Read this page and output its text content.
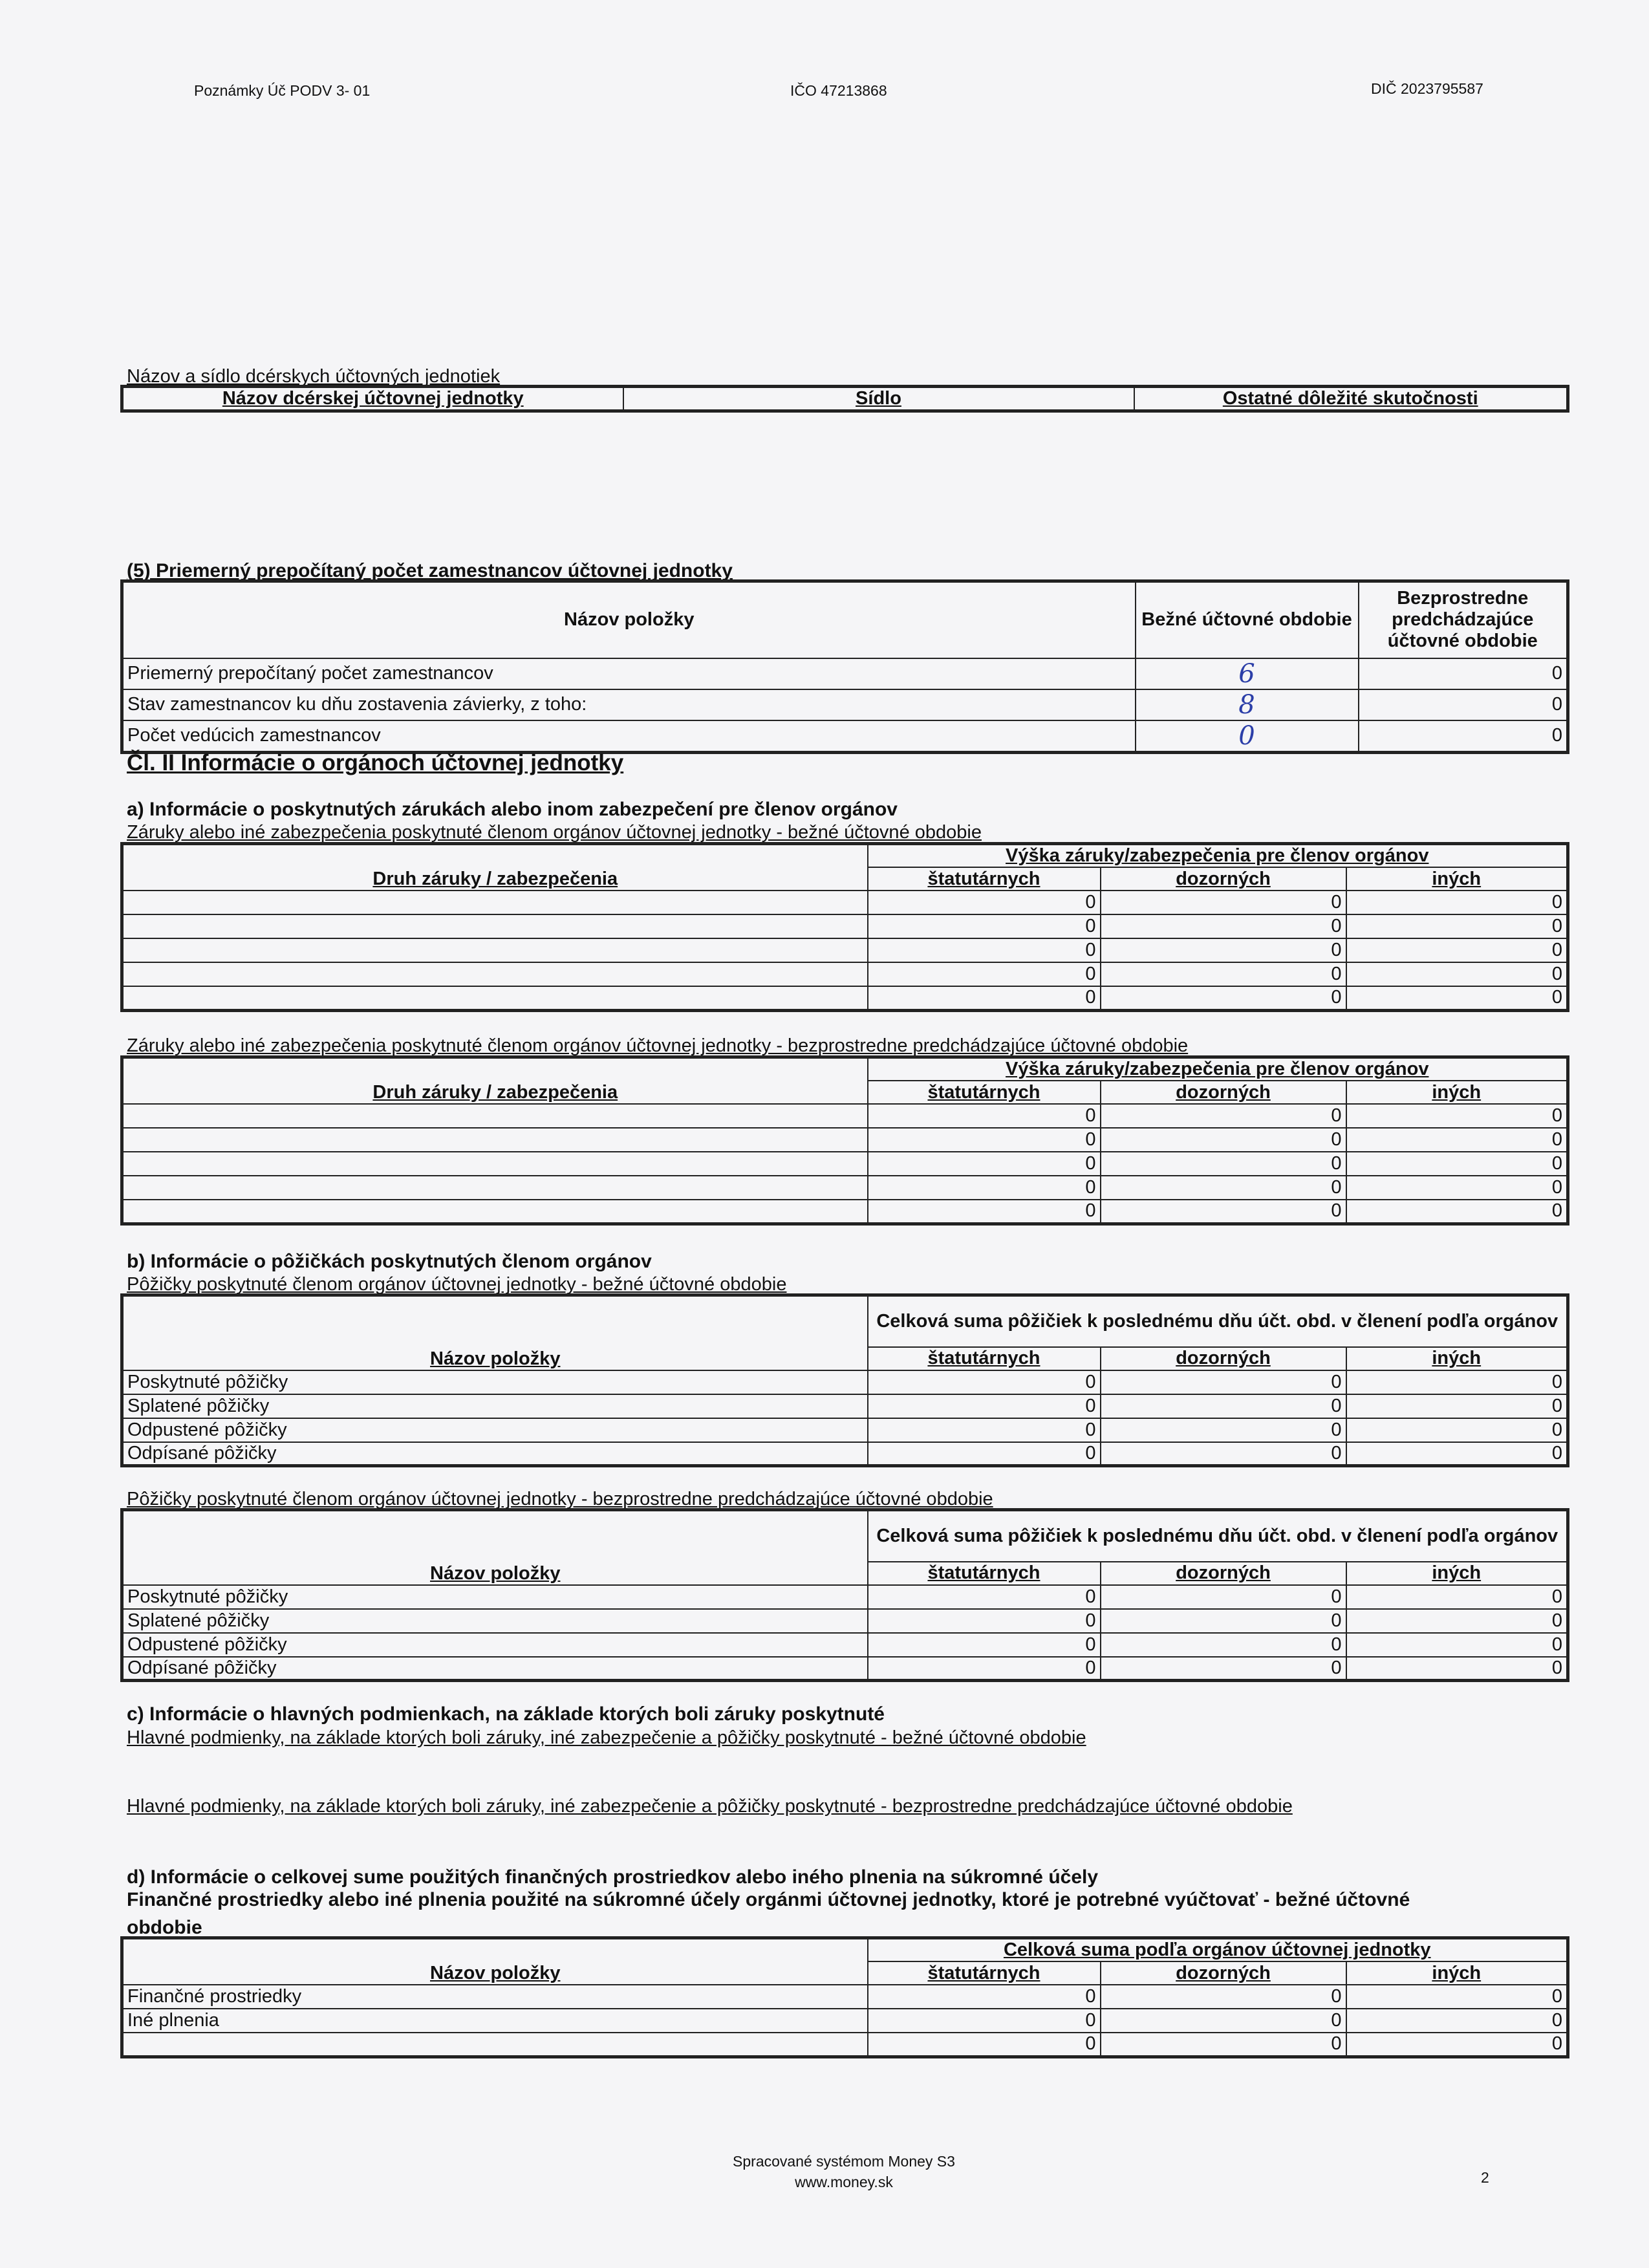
Poznámky Úč PODV 3- 01	IČO 47213868	DIČ 2023795587
Názov a sídlo dcérskych účtovných jednotiek
Názov dcérskej účtovnej jednotky	Sídlo	Ostatné dôležité skutočnosti
(5) Priemerný prepočítaný počet zamestnancov účtovnej jednotky
Názov položky	Bežné účtovné obdobie	Bezprostredne predchádzajúce účtovné obdobie
Priemerný prepočítaný počet zamestnancov	6	0
Stav zamestnancov ku dňu zostavenia závierky, z toho:	8	0
Počet vedúcich zamestnancov	0	0
Čl. II Informácie o orgánoch účtovnej jednotky
a) Informácie o poskytnutých zárukách alebo inom zabezpečení pre členov orgánov
Záruky alebo iné zabezpečenia poskytnuté členom orgánov účtovnej jednotky - bežné účtovné obdobie
Druh záruky / zabezpečenia	Výška záruky/zabezpečenia pre členov orgánov		
	štatutárnych	dozorných	iných
	0	0	0
	0	0	0
	0	0	0
	0	0	0
	0	0	0
Záruky alebo iné zabezpečenia poskytnuté členom orgánov účtovnej jednotky - bezprostredne predchádzajúce účtovné obdobie
Druh záruky / zabezpečenia	Výška záruky/zabezpečenia pre členov orgánov		
	štatutárnych	dozorných	iných
	0	0	0
	0	0	0
	0	0	0
	0	0	0
	0	0	0
b) Informácie o pôžičkách poskytnutých členom orgánov
Pôžičky poskytnuté členom orgánov účtovnej jednotky - bežné účtovné obdobie
Názov položky	Celková suma pôžičiek k poslednému dňu účt. obd. v členení podľa orgánov		
	štatutárnych	dozorných	iných
Poskytnuté pôžičky	0	0	0
Splatené pôžičky	0	0	0
Odpustené pôžičky	0	0	0
Odpísané pôžičky	0	0	0
Pôžičky poskytnuté členom orgánov účtovnej jednotky - bezprostredne predchádzajúce účtovné obdobie
Názov položky	Celková suma pôžičiek k poslednému dňu účt. obd. v členení podľa orgánov		
	štatutárnych	dozorných	iných
Poskytnuté pôžičky	0	0	0
Splatené pôžičky	0	0	0
Odpustené pôžičky	0	0	0
Odpísané pôžičky	0	0	0
c) Informácie o hlavných podmienkach, na základe ktorých boli záruky poskytnuté
Hlavné podmienky, na základe ktorých boli záruky, iné zabezpečenie a pôžičky poskytnuté - bežné účtovné obdobie
Hlavné podmienky, na základe ktorých boli záruky, iné zabezpečenie a pôžičky poskytnuté - bezprostredne predchádzajúce účtovné obdobie
d) Informácie o celkovej sume použitých finančných prostriedkov alebo iného plnenia na súkromné účely
Finančné prostriedky alebo iné plnenia použité na súkromné účely orgánmi účtovnej jednotky, ktoré je potrebné vyúčtovať - bežné účtovné
obdobie
Názov položky	Celková suma podľa orgánov účtovnej jednotky		
	štatutárnych	dozorných	iných
Finančné prostriedky	0	0	0
Iné plnenia	0	0	0
	0	0	0
Spracované systémom Money S3
www.money.sk	2
